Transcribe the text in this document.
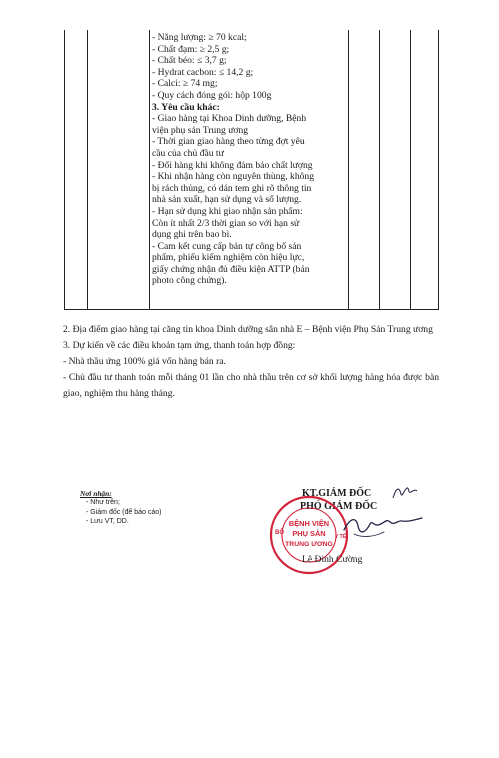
- Năng lượng: ≥ 70 kcal;
- Chất đạm: ≥ 2,5 g;
- Chất béo: ≤ 3,7 g;
- Hydrat cacbon: ≤ 14,2 g;
- Calci: ≥ 74 mg;
- Quy cách đóng gói: hộp 100g
3. Yêu cầu khác:
- Giao hàng tại Khoa Dinh dưỡng, Bệnh
viện phụ sản Trung ương
- Thời gian giao hàng theo từng đợt yêu
cầu của chủ đầu tư
- Đổi hàng khi không đảm bảo chất lượng
- Khi nhận hàng còn nguyên thùng, không
bị rách thủng, có dán tem ghi rõ thông tin
nhà sản xuất, hạn sử dụng và số lượng.
- Hạn sử dụng khi giao nhận sản phẩm:
Còn ít nhất 2/3 thời gian so với hạn sử
dụng ghi trên bao bì.
- Cam kết cung cấp bản tự công bố sản
phẩm, phiếu kiểm nghiệm còn hiệu lực,
giấy chứng nhận đủ điều kiện ATTP (bản
photo công chứng).

2. Địa điểm giao hàng tại căng tin khoa Dinh dưỡng sân nhà E – Bệnh viện Phụ Sản Trung ương

3. Dự kiến về các điều khoản tạm ứng, thanh toán hợp đồng:

- Nhà thầu ứng 100% giá vốn hàng bán ra.

- Chủ đầu tư thanh toán mỗi tháng 01 lần cho nhà thầu trên cơ sở khối lượng hàng hóa được bàn giao, nghiệm thu hàng tháng.

Nơi nhận:
- Như trên;
- Giám đốc (để báo cáo)
- Lưu VT, DD.
KT.GIÁM ĐỐC
PHÓ GIÁM ĐỐC
BỘ
Y TẾ
BỆNH VIỆN
PHỤ SẢN
TRUNG ƯƠNG
Lê Đình Cường
